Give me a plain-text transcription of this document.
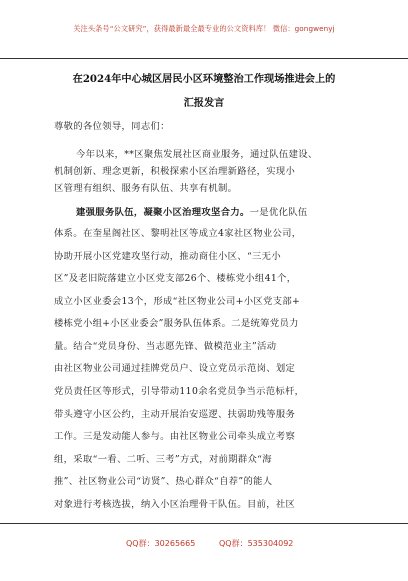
关注头条号“公文研究”，获得最新最全最专业的公文资料库！ 微信：gongwenyj
在2024年中心城区居民小区环境整治工作现场推进会上的
汇报发言
尊敬的各位领导，同志们：
今年以来，**区聚焦发展社区商业服务，通过队伍建设、
机制创新、理念更新，积极探索小区治理新路径，实现小
区管理有组织、服务有队伍、共享有机制。
建强服务队伍，凝聚小区治理攻坚合力。一是优化队伍
体系。在奎星阁社区、黎明社区等成立4家社区物业公司，
协助开展小区党建攻坚行动，推动商住小区、“三无小
区”及老旧院落建立小区党支部26个、楼栋党小组41个，
成立小区业委会13个，形成“社区物业公司+小区党支部+
楼栋党小组+小区业委会”服务队伍体系。二是统筹党员力
量。结合“党员身份、当志愿先锋、做模范业主”活动
由社区物业公司通过挂牌党员户、设立党员示范岗、划定
党员责任区等形式，引导带动110余名党员争当示范标杆，
带头遵守小区公约，主动开展治安巡逻、扶弱助残等服务
工作。三是发动能人参与。由社区物业公司牵头成立考察
组，采取“一看、二听、三考”方式，对前期群众“海
推”、社区物业公司“访贤”、热心群众“自荐”的能人
对象进行考核选拔，纳入小区治理骨干队伍。目前，社区
QQ群：30265665	QQ群：535304092
